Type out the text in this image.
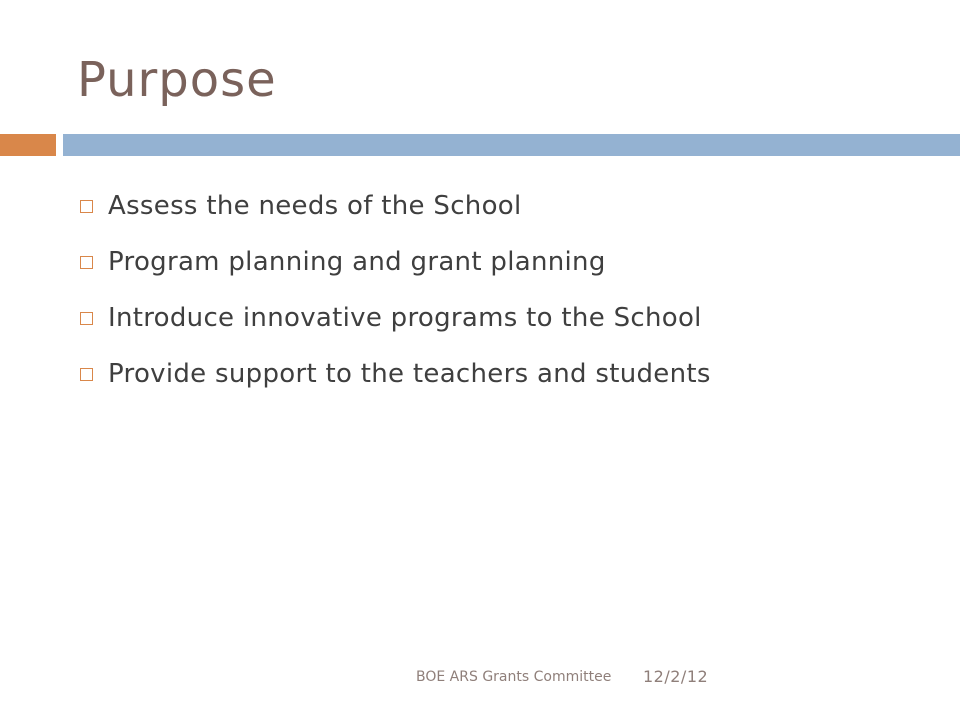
Purpose
Assess the needs of the School
Program planning and grant planning
Introduce innovative programs to the School
Provide support to the teachers and students
BOE ARS Grants Committee 12/2/12
